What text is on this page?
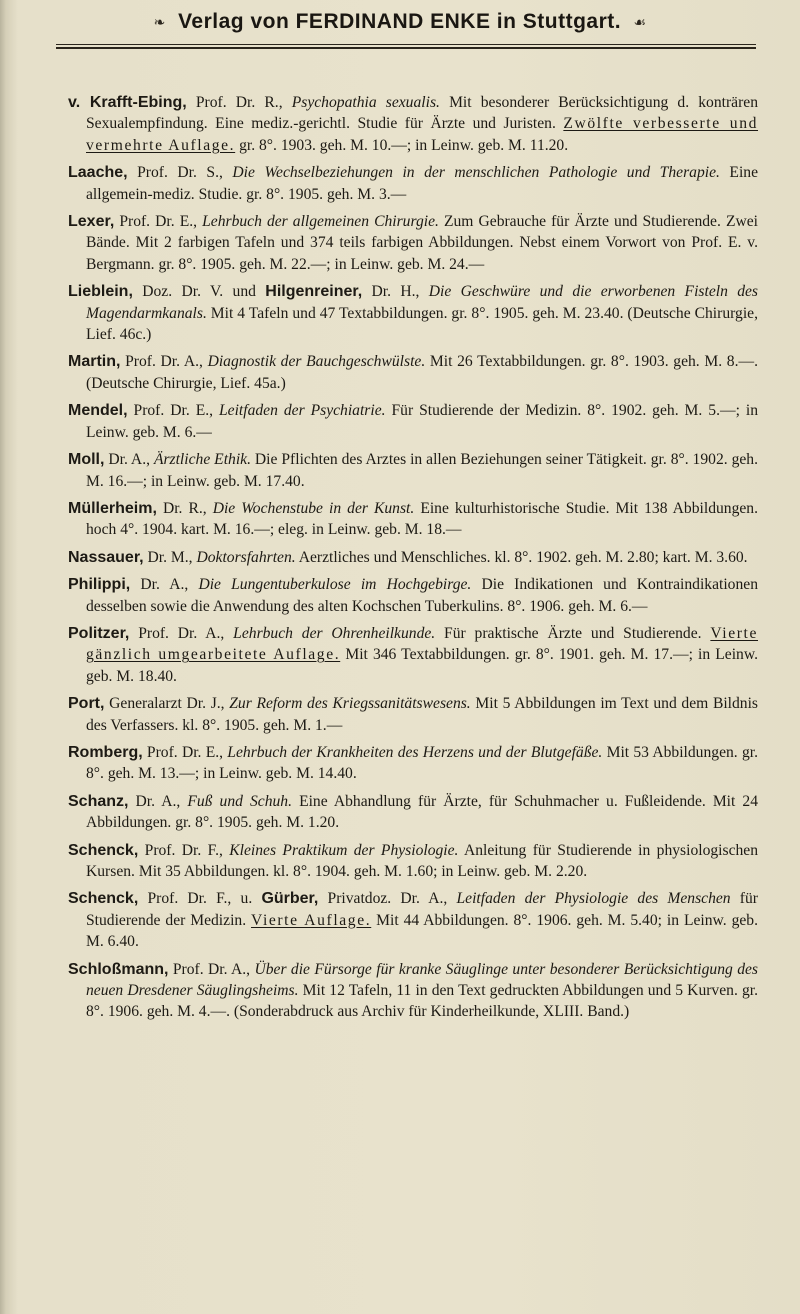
❧ Verlag von FERDINAND ENKE in Stuttgart. ☙
v. Krafft-Ebing, Prof. Dr. R., Psychopathia sexualis. Mit besonderer Berücksichtigung d. konträren Sexualempfindung. Eine mediz.-gerichtl. Studie für Ärzte und Juristen. Zwölfte verbesserte und vermehrte Auflage. gr. 8°. 1903. geh. M. 10.—; in Leinw. geb. M. 11.20.
Laache, Prof. Dr. S., Die Wechselbeziehungen in der menschlichen Pathologie und Therapie. Eine allgemein-mediz. Studie. gr. 8°. 1905. geh. M. 3.—
Lexer, Prof. Dr. E., Lehrbuch der allgemeinen Chirurgie. Zum Gebrauche für Ärzte und Studierende. Zwei Bände. Mit 2 farbigen Tafeln und 374 teils farbigen Abbildungen. Nebst einem Vorwort von Prof. E. v. Bergmann. gr. 8°. 1905. geh. M. 22.—; in Leinw. geb. M. 24.—
Lieblein, Doz. Dr. V. und Hilgenreiner, Dr. H., Die Geschwüre und die erworbenen Fisteln des Magendarmkanals. Mit 4 Tafeln und 47 Textabbildungen. gr. 8°. 1905. geh. M. 23.40. (Deutsche Chirurgie, Lief. 46c.)
Martin, Prof. Dr. A., Diagnostik der Bauchgeschwülste. Mit 26 Textabbildungen. gr. 8°. 1903. geh. M. 8.—. (Deutsche Chirurgie, Lief. 45a.)
Mendel, Prof. Dr. E., Leitfaden der Psychiatrie. Für Studierende der Medizin. 8°. 1902. geh. M. 5.—; in Leinw. geb. M. 6.—
Moll, Dr. A., Ärztliche Ethik. Die Pflichten des Arztes in allen Beziehungen seiner Tätigkeit. gr. 8°. 1902. geh. M. 16.—; in Leinw. geb. M. 17.40.
Müllerheim, Dr. R., Die Wochenstube in der Kunst. Eine kulturhistorische Studie. Mit 138 Abbildungen. hoch 4°. 1904. kart. M. 16.—; eleg. in Leinw. geb. M. 18.—
Nassauer, Dr. M., Doktorsfahrten. Aerztliches und Menschliches. kl. 8°. 1902. geh. M. 2.80; kart. M. 3.60.
Philippi, Dr. A., Die Lungentuberkulose im Hochgebirge. Die Indikationen und Kontraindikationen desselben sowie die Anwendung des alten Kochschen Tuberkulins. 8°. 1906. geh. M. 6.—
Politzer, Prof. Dr. A., Lehrbuch der Ohrenheilkunde. Für praktische Ärzte und Studierende. Vierte gänzlich umgearbeitete Auflage. Mit 346 Textabbildungen. gr. 8°. 1901. geh. M. 17.—; in Leinw. geb. M. 18.40.
Port, Generalarzt Dr. J., Zur Reform des Kriegssanitätswesens. Mit 5 Abbildungen im Text und dem Bildnis des Verfassers. kl. 8°. 1905. geh. M. 1.—
Romberg, Prof. Dr. E., Lehrbuch der Krankheiten des Herzens und der Blutgefäße. Mit 53 Abbildungen. gr. 8°. geh. M. 13.—; in Leinw. geb. M. 14.40.
Schanz, Dr. A., Fuß und Schuh. Eine Abhandlung für Ärzte, für Schuhmacher u. Fußleidende. Mit 24 Abbildungen. gr. 8°. 1905. geh. M. 1.20.
Schenck, Prof. Dr. F., Kleines Praktikum der Physiologie. Anleitung für Studierende in physiologischen Kursen. Mit 35 Abbildungen. kl. 8°. 1904. geh. M. 1.60; in Leinw. geb. M. 2.20.
Schenck, Prof. Dr. F., u. Gürber, Privatdoz. Dr. A., Leitfaden der Physiologie des Menschen für Studierende der Medizin. Vierte Auflage. Mit 44 Abbildungen. 8°. 1906. geh. M. 5.40; in Leinw. geb. M. 6.40.
Schloßmann, Prof. Dr. A., Über die Fürsorge für kranke Säuglinge unter besonderer Berücksichtigung des neuen Dresdener Säuglingsheims. Mit 12 Tafeln, 11 in den Text gedruckten Abbildungen und 5 Kurven. gr. 8°. 1906. geh. M. 4.—. (Sonderabdruck aus Archiv für Kinderheilkunde, XLIII. Band.)
